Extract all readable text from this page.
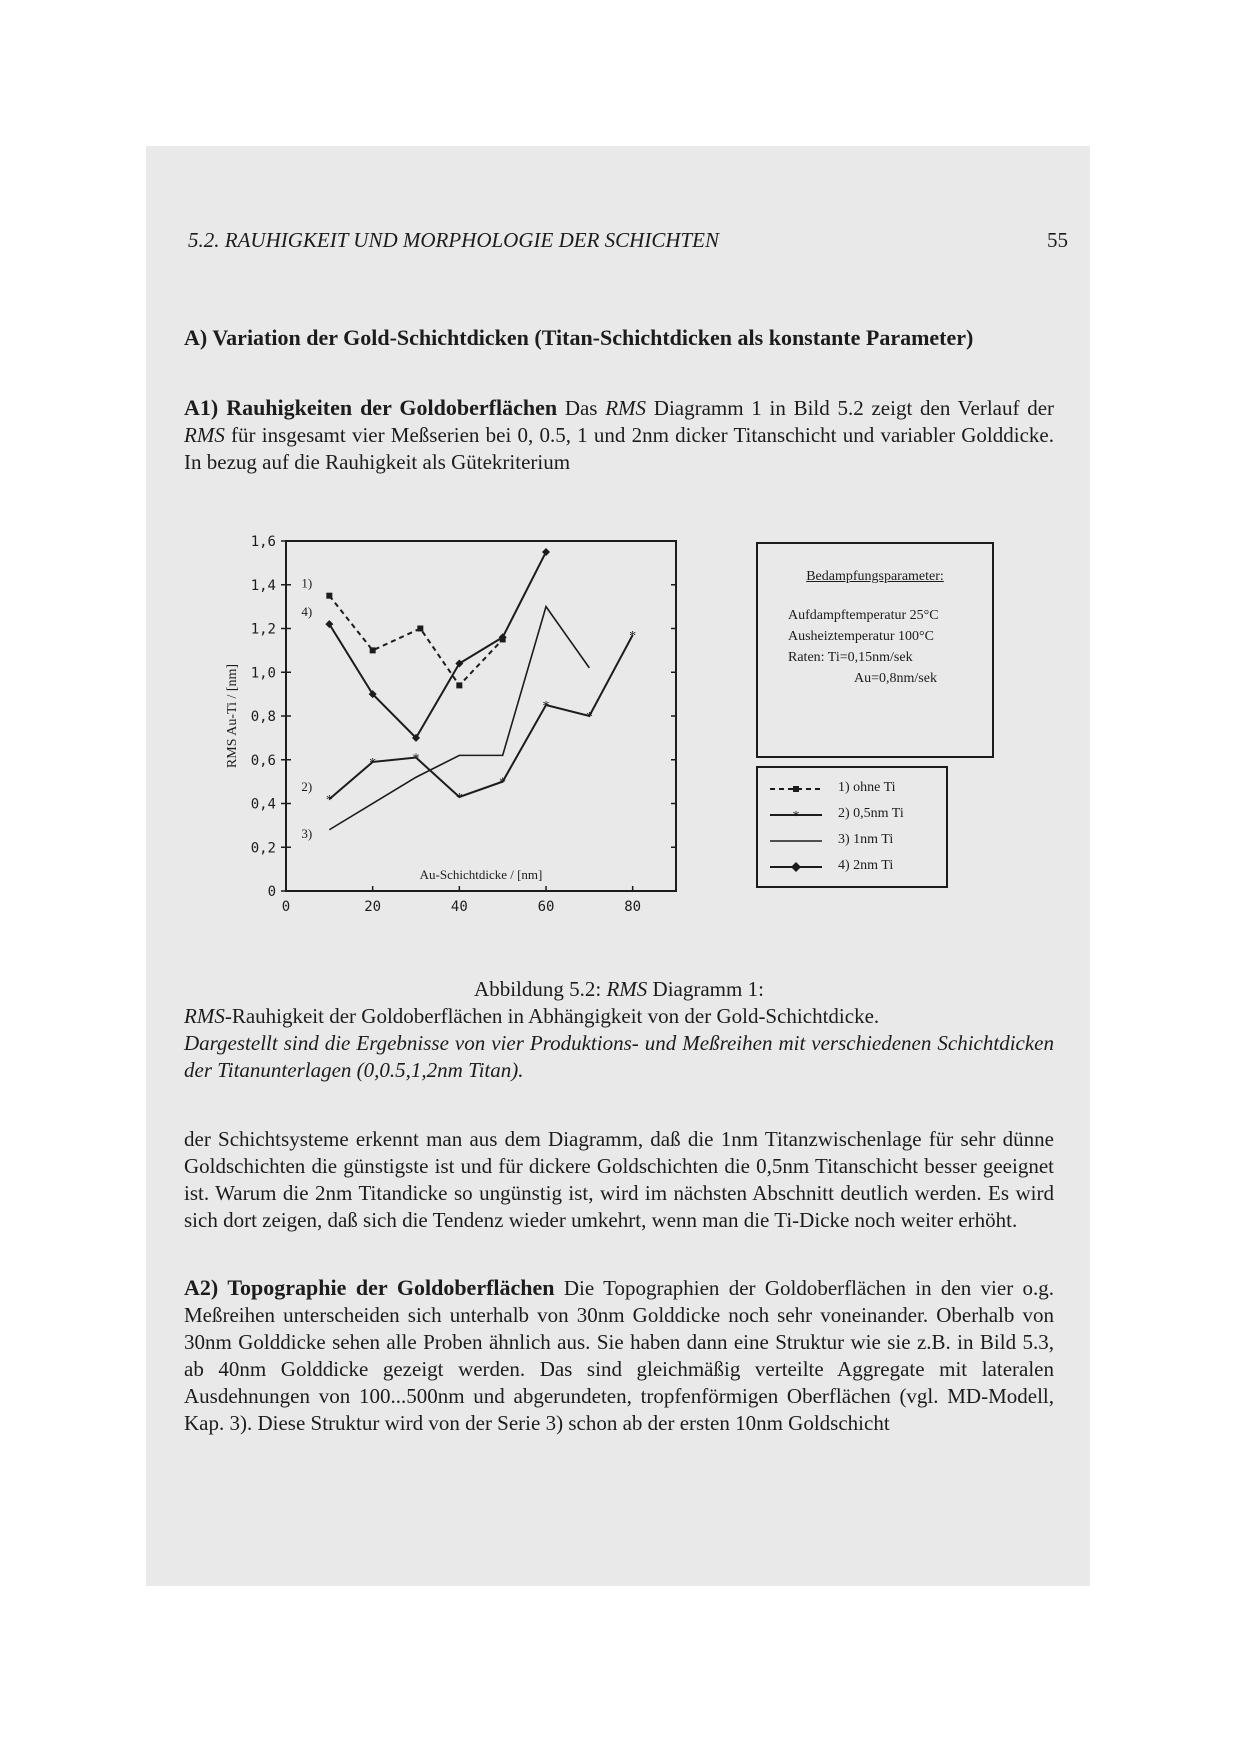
5.2. RAUHIGKEIT UND MORPHOLOGIE DER SCHICHTEN	55
A) Variation der Gold-Schichtdicken (Titan-Schichtdicken als konstante Parameter)
A1) Rauhigkeiten der Goldoberflächen Das RMS Diagramm 1 in Bild 5.2 zeigt den Verlauf der RMS für insgesamt vier Meßserien bei 0, 0.5, 1 und 2nm dicker Titanschicht und variabler Golddicke. In bezug auf die Rauhigkeit als Gütekriterium
0
0,2
0,4
0,6
0,8
1,0
1,2
1,4
1,6
0	20	40	60	80
Au-Schichtdicke / [nm]
RMS Au-Ti / [nm]
1)
*
*	*
*
*
*
*
*
2)
3)
4)
Bedampfungsparameter:
Aufdampftemperatur 25°C
Ausheiztemperatur 100°C
Raten: Ti=0,15nm/sek
Au=0,8nm/sek
1) ohne Ti
*	2) 0,5nm Ti
3) 1nm Ti
4) 2nm Ti
Abbildung 5.2: RMS Diagramm 1:
RMS-Rauhigkeit der Goldoberflächen in Abhängigkeit von der Gold-Schichtdicke.
Dargestellt sind die Ergebnisse von vier Produktions- und Meßreihen mit verschiedenen Schichtdicken der Titanunterlagen (0,0.5,1,2nm Titan).
der Schichtsysteme erkennt man aus dem Diagramm, daß die 1nm Titanzwischenlage für sehr dünne Goldschichten die günstigste ist und für dickere Goldschichten die 0,5nm Titanschicht besser geeignet ist. Warum die 2nm Titandicke so ungünstig ist, wird im nächsten Abschnitt deutlich werden. Es wird sich dort zeigen, daß sich die Tendenz wieder umkehrt, wenn man die Ti-Dicke noch weiter erhöht.
A2) Topographie der Goldoberflächen Die Topographien der Goldoberflächen in den vier o.g. Meßreihen unterscheiden sich unterhalb von 30nm Golddicke noch sehr voneinander. Oberhalb von 30nm Golddicke sehen alle Proben ähnlich aus. Sie haben dann eine Struktur wie sie z.B. in Bild 5.3, ab 40nm Golddicke gezeigt werden. Das sind gleichmäßig verteilte Aggregate mit lateralen Ausdehnungen von 100...500nm und abgerundeten, tropfenförmigen Oberflächen (vgl. MD-Modell, Kap. 3). Diese Struktur wird von der Serie 3) schon ab der ersten 10nm Goldschicht
